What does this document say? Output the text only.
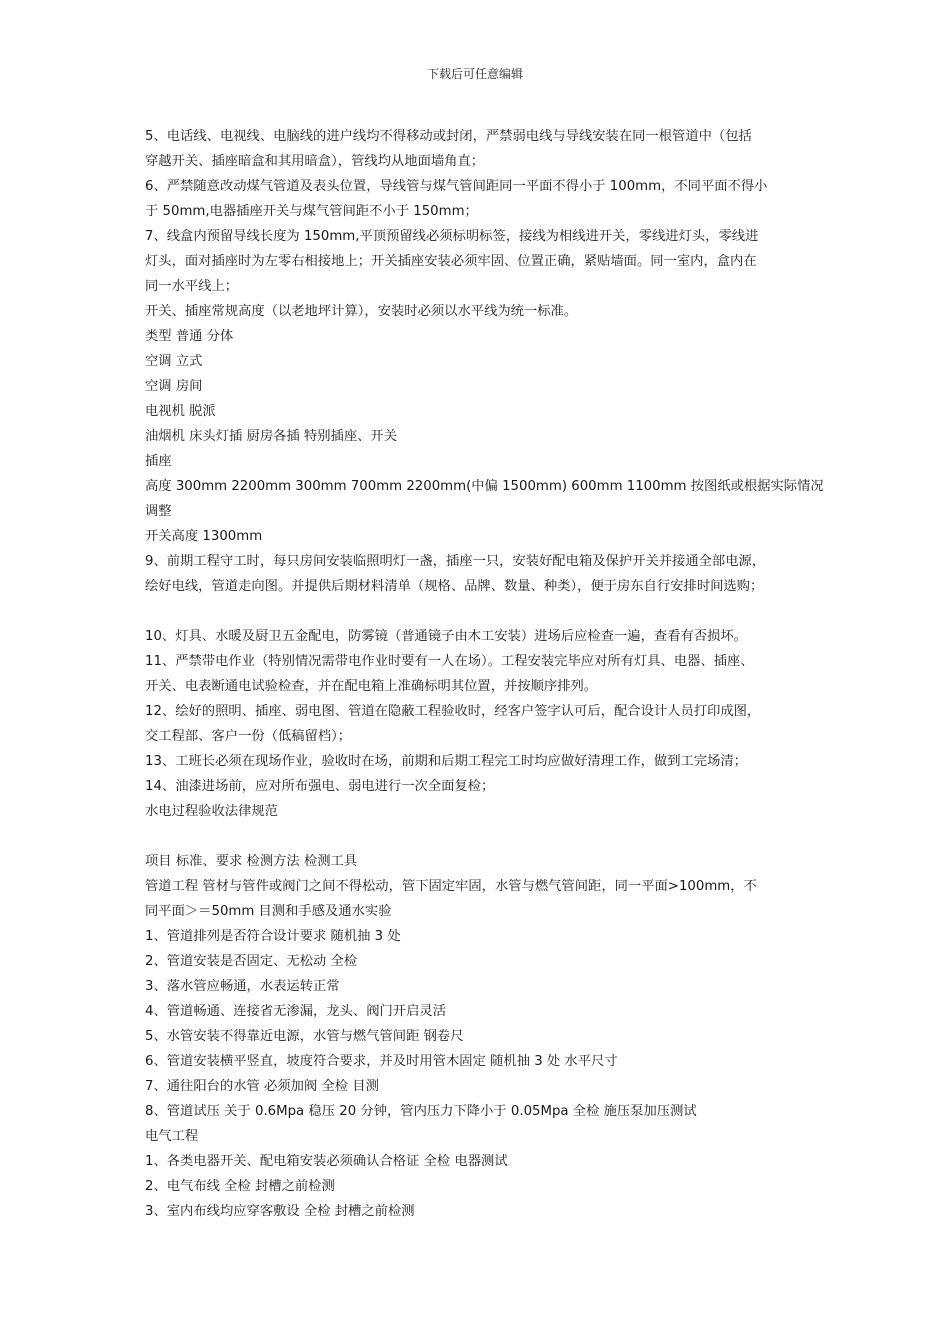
下载后可任意编辑
5、电话线、电视线、电脑线的进户线均不得移动或封闭，严禁弱电线与导线安装在同一根管道中（包括
穿越开关、插座暗盒和其用暗盒），管线均从地面墙角直；
6、严禁随意改动煤气管道及表头位置，导线管与煤气管间距同一平面不得小于 100mm，不同平面不得小
于 50mm,电器插座开关与煤气管间距不小于 150mm；
7、线盒内预留导线长度为 150mm,平顶预留线必须标明标签，接线为相线进开关，零线进灯头，零线进
灯头，面对插座时为左零右相接地上；开关插座安装必须牢固、位置正确，紧贴墙面。同一室内，盒内在
同一水平线上；
开关、插座常规高度（以老地坪计算），安装时必须以水平线为统一标准。
类型 普通 分体
空调 立式
空调 房间
电视机 脱派
油烟机 床头灯插 厨房各插 特别插座、开关
插座
高度 300mm 2200mm 300mm 700mm 2200mm(中偏 1500mm) 600mm 1100mm 按图纸或根据实际情况
调整
开关高度 1300mm
9、前期工程守工时，每只房间安装临照明灯一盏，插座一只，安装好配电箱及保护开关并接通全部电源，
绘好电线，管道走向图。并提供后期材料清单（规格、品牌、数量、种类），便于房东自行安排时间选购；
10、灯具、水暖及厨卫五金配电，防雾镜（普通镜子由木工安装）进场后应检查一遍，查看有否损坏。
11、严禁带电作业（特别情况需带电作业时要有一人在场）。工程安装完毕应对所有灯具、电器、插座、
开关、电表断通电试验检查，并在配电箱上准确标明其位置，并按顺序排列。
12、绘好的照明、插座、弱电图、管道在隐蔽工程验收时，经客户签字认可后，配合设计人员打印成图，
交工程部、客户一份（低稿留档）；
13、工班长必须在现场作业，验收时在场，前期和后期工程完工时均应做好清理工作，做到工完场清；
14、油漆进场前，应对所布强电、弱电进行一次全面复检；
水电过程验收法律规范
项目 标准、要求 检测方法 检测工具
管道工程 管材与管件或阀门之间不得松动，管下固定牢固，水管与燃气管间距，同一平面>100mm，不
同平面＞＝50mm 目测和手感及通水实验
1、管道排列是否符合设计要求 随机抽 3 处
2、管道安装是否固定、无松动 全检
3、落水管应畅通，水表运转正常
4、管道畅通、连接省无渗漏，龙头、阀门开启灵活
5、水管安装不得靠近电源，水管与燃气管间距 钢卷尺
6、管道安装横平竖直，坡度符合要求，并及时用管木固定 随机抽 3 处 水平尺寸
7、通往阳台的水管 必须加阀 全检 目测
8、管道试压 关于 0.6Mpa 稳压 20 分钟，管内压力下降小于 0.05Mpa 全检 施压泵加压测试
电气工程
1、各类电器开关、配电箱安装必须确认合格证 全检 电器测试
2、电气布线 全检 封槽之前检测
3、室内布线均应穿客敷设 全检 封槽之前检测
